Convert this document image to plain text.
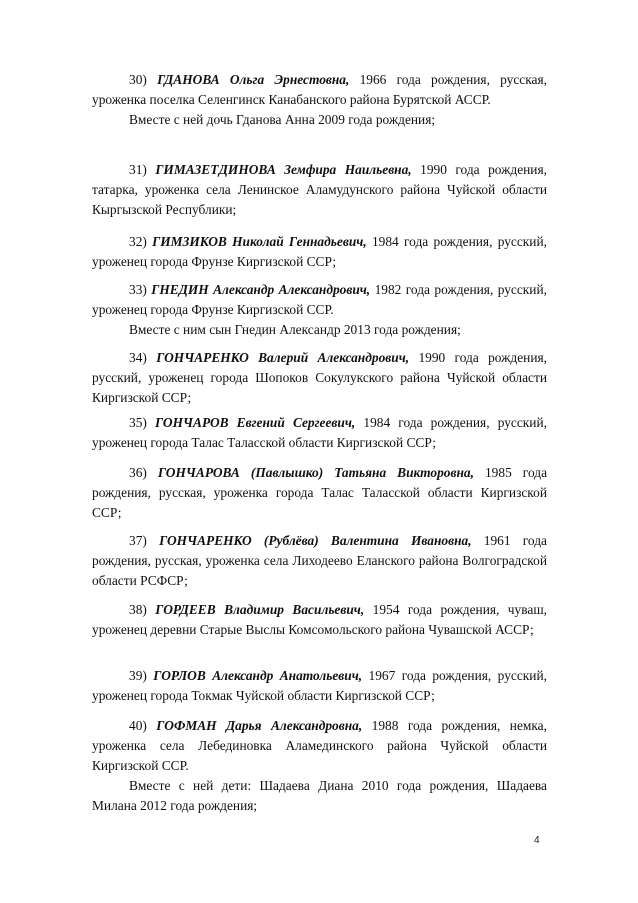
30) ГДАНОВА Ольга Эрнестовна, 1966 года рождения, русская, уроженка поселка Селенгинск Канабанского района Бурятской АССР.

Вместе с ней дочь Гданова Анна 2009 года рождения;

31) ГИМАЗЕТДИНОВА Земфира Наильевна, 1990 года рождения, татарка, уроженка села Ленинское Аламудунского района Чуйской области Кыргызской Республики;

32) ГИМЗИКОВ Николай Геннадьевич, 1984 года рождения, русский, уроженец города Фрунзе Киргизской ССР;

33) ГНЕДИН Александр Александрович, 1982 года рождения, русский, уроженец города Фрунзе Киргизской ССР.

Вместе с ним сын Гнедин Александр 2013 года рождения;

34) ГОНЧАРЕНКО Валерий Александрович, 1990 года рождения, русский, уроженец города Шопоков Сокулукского района Чуйской области Киргизской ССР;

35) ГОНЧАРОВ Евгений Сергеевич, 1984 года рождения, русский, уроженец города Талас Таласской области Киргизской ССР;

36) ГОНЧАРОВА (Павлышко) Татьяна Викторовна, 1985 года рождения, русская, уроженка города Талас Таласской области Киргизской ССР;

37) ГОНЧАРЕНКО (Рублёва) Валентина Ивановна, 1961 года рождения, русская, уроженка села Лиходеево Еланского района Волгоградской области РСФСР;

38) ГОРДЕЕВ Владимир Васильевич, 1954 года рождения, чуваш, уроженец деревни Старые Выслы Комсомольского района Чувашской АССР;

39) ГОРЛОВ Александр Анатольевич, 1967 года рождения, русский, уроженец города Токмак Чуйской области Киргизской ССР;

40) ГОФМАН Дарья Александровна, 1988 года рождения, немка, уроженка села Лебединовка Аламединского района Чуйской области Киргизской ССР.

Вместе с ней дети: Шадаева Диана 2010 года рождения, Шадаева Милана 2012 года рождения;

4
